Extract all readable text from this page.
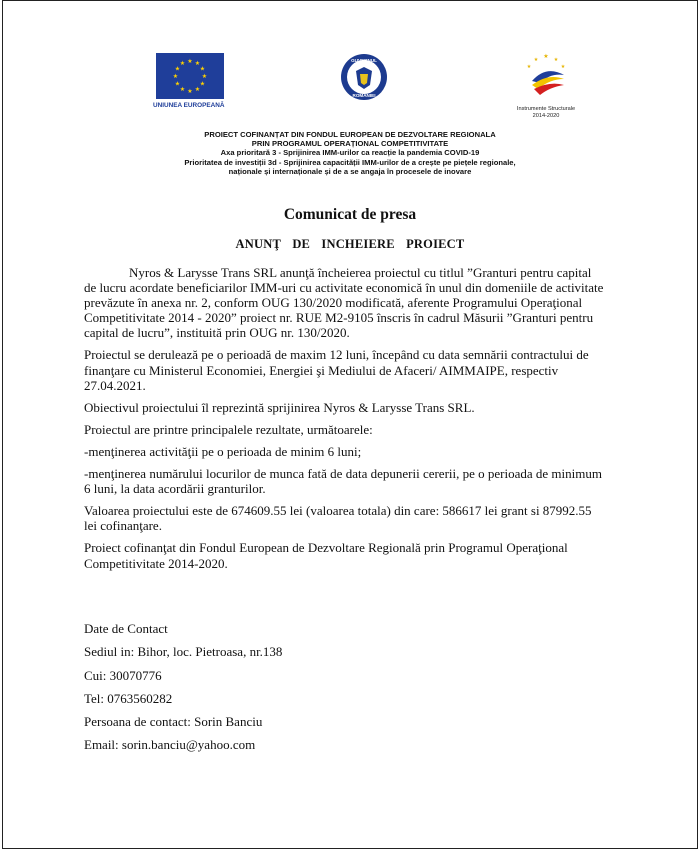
★ ★
★
★
★
★
★
★
★
★
★
★
UNIUNEA EUROPEANĂ
GUVERNUL
ROMÂNIEI
★
★
★
★
★
Instrumente Structurale
2014-2020
PROIECT COFINANȚAT DIN FONDUL EUROPEAN DE DEZVOLTARE REGIONALA
PRIN PROGRAMUL OPERAȚIONAL COMPETITIVITATE
Axa prioritară 3 - Sprijinirea IMM-urilor ca reacție la pandemia COVID-19
Prioritatea de investiții 3d - Sprijinirea capacității IMM-urilor de a crește pe piețele regionale,
naționale și internaționale și de a se angaja în procesele de inovare
Comunicat de presa
ANUNŢ DE INCHEIERE PROIECT

Nyros & Larysse Trans SRL anunţă încheierea proiectul cu titlul ”Granturi pentru capital de lucru acordate beneficiarilor IMM-uri cu activitate economică în unul din domeniile de activitate prevăzute în anexa nr. 2, conform OUG 130/2020 modificată, aferente Programului Operaţional Competitivitate 2014 - 2020” proiect nr. RUE M2-9105 înscris în cadrul Măsurii ”Granturi pentru capital de lucru”, instituită prin OUG nr. 130/2020.

Proiectul se derulează pe o perioadă de maxim 12 luni, începând cu data semnării contractului de finanţare cu Ministerul Economiei, Energiei şi Mediului de Afaceri/ AIMMAIPE, respectiv 27.04.2021.

Obiectivul proiectului îl reprezintă sprijinirea Nyros & Larysse Trans SRL.

Proiectul are printre principalele rezultate, următoarele:

-menţinerea activităţii pe o perioada de minim 6 luni;

-menţinerea numărului locurilor de munca fată de data depunerii cererii, pe o perioada de minimum 6 luni, la data acordării granturilor.

Valoarea proiectului este de 674609.55 lei (valoarea totala) din care: 586617 lei grant si 87992.55 lei cofinanţare.

Proiect cofinanţat din Fondul European de Dezvoltare Regională prin Programul Operaţional Competitivitate 2014-2020.

Date de Contact
Sediul in: Bihor, loc. Pietroasa, nr.138
Cui: 30070776
Tel: 0763560282
Persoana de contact: Sorin Banciu
Email: sorin.banciu@yahoo.com
